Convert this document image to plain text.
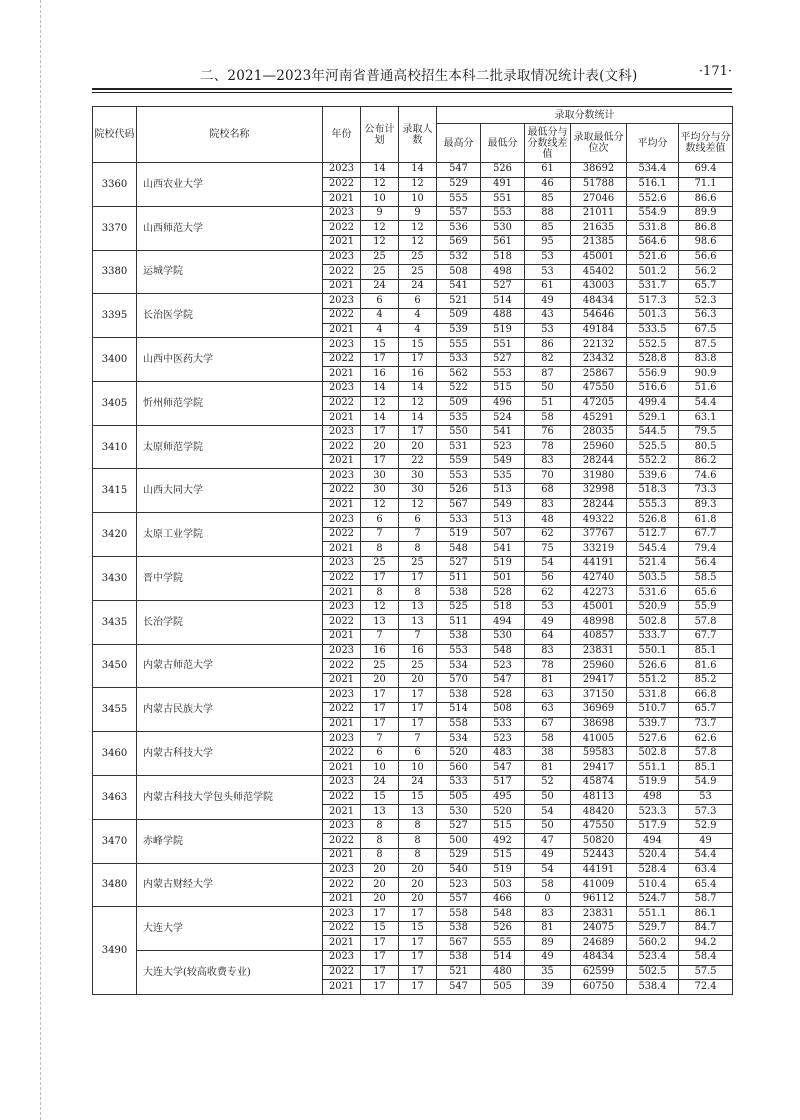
二、2021—2023年河南省普通高校招生本科二批录取情况统计表(文科)	·171·
院校代码	院校名称	年份	公布计划	录取人数	录取分数统计					
					最高分	最低分	最低分与分数线差值	录取最低分位次	平均分	平均分与分数线差值
3360	山西农业大学	2023	14	14	547	526	61	38692	534.4	69.4
		2022	12	12	529	491	46	51788	516.1	71.1
		2021	10	10	555	551	85	27046	552.6	86.6
3370	山西师范大学	2023	9	9	557	553	88	21011	554.9	89.9
		2022	12	12	536	530	85	21635	531.8	86.8
		2021	12	12	569	561	95	21385	564.6	98.6
3380	运城学院	2023	25	25	532	518	53	45001	521.6	56.6
		2022	25	25	508	498	53	45402	501.2	56.2
		2021	24	24	541	527	61	43003	531.7	65.7
3395	长治医学院	2023	6	6	521	514	49	48434	517.3	52.3
		2022	4	4	509	488	43	54646	501.3	56.3
		2021	4	4	539	519	53	49184	533.5	67.5
3400	山西中医药大学	2023	15	15	555	551	86	22132	552.5	87.5
		2022	17	17	533	527	82	23432	528.8	83.8
		2021	16	16	562	553	87	25867	556.9	90.9
3405	忻州师范学院	2023	14	14	522	515	50	47550	516.6	51.6
		2022	12	12	509	496	51	47205	499.4	54.4
		2021	14	14	535	524	58	45291	529.1	63.1
3410	太原师范学院	2023	17	17	550	541	76	28035	544.5	79.5
		2022	20	20	531	523	78	25960	525.5	80.5
		2021	17	22	559	549	83	28244	552.2	86.2
3415	山西大同大学	2023	30	30	553	535	70	31980	539.6	74.6
		2022	30	30	526	513	68	32998	518.3	73.3
		2021	12	12	567	549	83	28244	555.3	89.3
3420	太原工业学院	2023	6	6	533	513	48	49322	526.8	61.8
		2022	7	7	519	507	62	37767	512.7	67.7
		2021	8	8	548	541	75	33219	545.4	79.4
3430	晋中学院	2023	25	25	527	519	54	44191	521.4	56.4
		2022	17	17	511	501	56	42740	503.5	58.5
		2021	8	8	538	528	62	42273	531.6	65.6
3435	长治学院	2023	12	13	525	518	53	45001	520.9	55.9
		2022	13	13	511	494	49	48998	502.8	57.8
		2021	7	7	538	530	64	40857	533.7	67.7
3450	内蒙古师范大学	2023	16	16	553	548	83	23831	550.1	85.1
		2022	25	25	534	523	78	25960	526.6	81.6
		2021	20	20	570	547	81	29417	551.2	85.2
3455	内蒙古民族大学	2023	17	17	538	528	63	37150	531.8	66.8
		2022	17	17	514	508	63	36969	510.7	65.7
		2021	17	17	558	533	67	38698	539.7	73.7
3460	内蒙古科技大学	2023	7	7	534	523	58	41005	527.6	62.6
		2022	6	6	520	483	38	59583	502.8	57.8
		2021	10	10	560	547	81	29417	551.1	85.1
3463	内蒙古科技大学包头师范学院	2023	24	24	533	517	52	45874	519.9	54.9
		2022	15	15	505	495	50	48113	498	53
		2021	13	13	530	520	54	48420	523.3	57.3
3470	赤峰学院	2023	8	8	527	515	50	47550	517.9	52.9
		2022	8	8	500	492	47	50820	494	49
		2021	8	8	529	515	49	52443	520.4	54.4
3480	内蒙古财经大学	2023	20	20	540	519	54	44191	528.4	63.4
		2022	20	20	523	503	58	41009	510.4	65.4
		2021	20	20	557	466	0	96112	524.7	58.7
3490	大连大学	2023	17	17	558	548	83	23831	551.1	86.1
		2022	15	15	538	526	81	24075	529.7	84.7
		2021	17	17	567	555	89	24689	560.2	94.2
	大连大学(较高收费专业)	2023	17	17	538	514	49	48434	523.4	58.4
		2022	17	17	521	480	35	62599	502.5	57.5
		2021	17	17	547	505	39	60750	538.4	72.4
